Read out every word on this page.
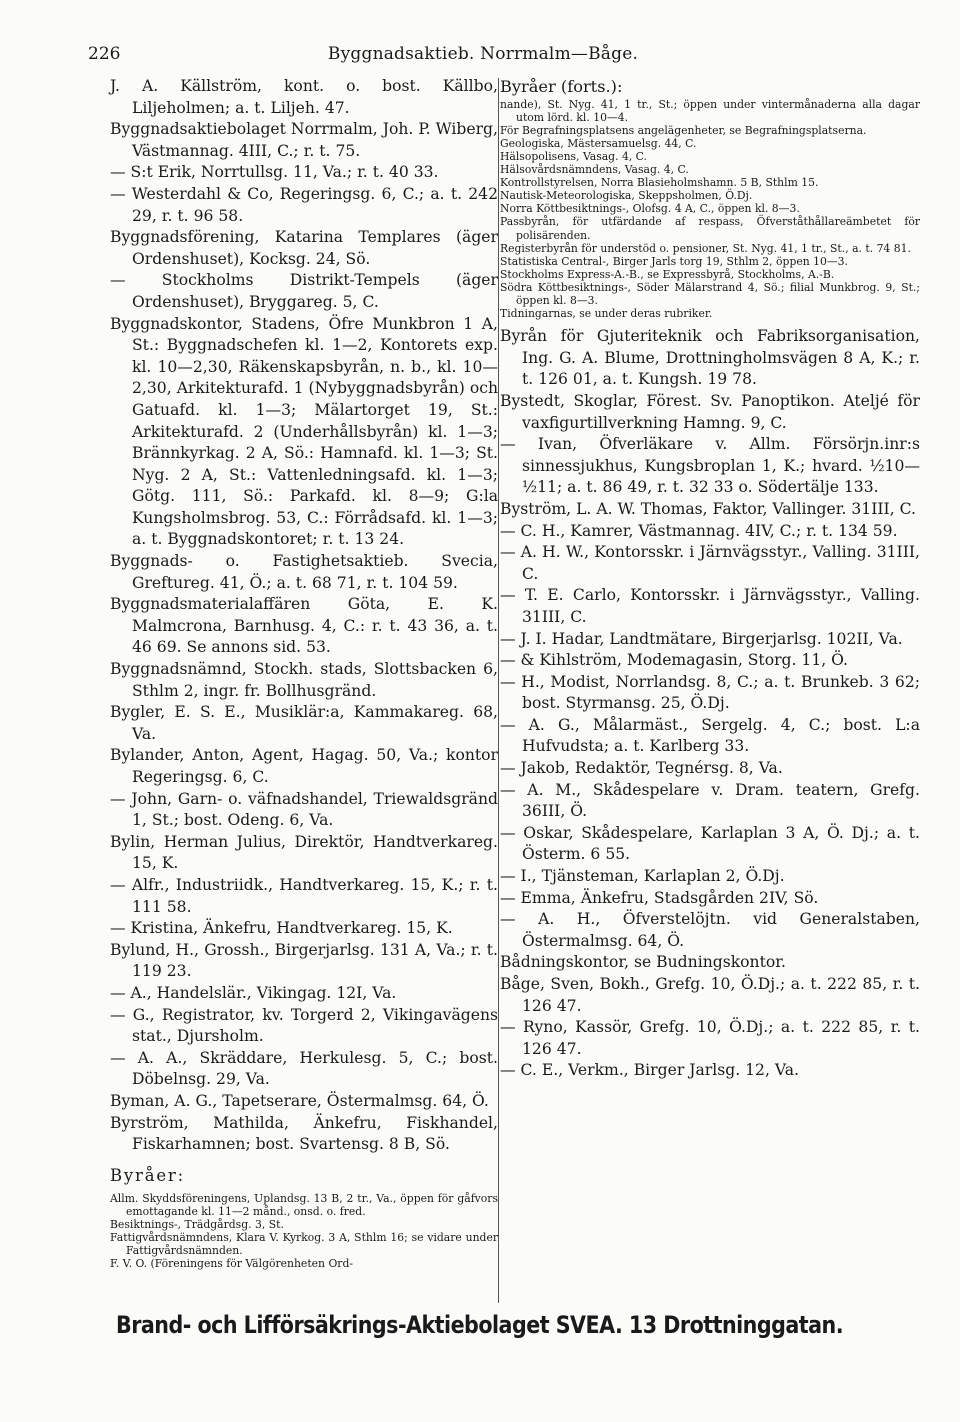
226	Byggnadsaktieb. Norrmalm—Båge.

J. A. Källström, kont. o. bost. Källbo, Liljeholmen; a. t. Liljeh. 47.

Byggnadsaktiebolaget Norrmalm, Joh. P. Wiberg, Västmannag. 4III, C.; r. t. 75.

— S:t Erik, Norrtullsg. 11, Va.; r. t. 40 33.

— Westerdahl & Co, Regeringsg. 6, C.; a. t. 242 29, r. t. 96 58.

Byggnadsförening, Katarina Templares (äger Ordenshuset), Kocksg. 24, Sö.

— Stockholms Distrikt-Tempels (äger Ordenshuset), Bryggareg. 5, C.

Byggnadskontor, Stadens, Öfre Munkbron 1 A, St.: Byggnadschefen kl. 1—2, Kontorets exp. kl. 10—2,30, Räkenskapsbyrån, n. b., kl. 10—2,30, Arkitekturafd. 1 (Nybyggnadsbyrån) och Gatuafd. kl. 1—3; Mälartorget 19, St.: Arkitekturafd. 2 (Underhållsbyrån) kl. 1—3; Brännkyrkag. 2 A, Sö.: Hamnafd. kl. 1—3; St. Nyg. 2 A, St.: Vattenledningsafd. kl. 1—3; Götg. 111, Sö.: Parkafd. kl. 8—9; G:la Kungsholmsbrog. 53, C.: Förrådsafd. kl. 1—3; a. t. Byggnadskontoret; r. t. 13 24.

Byggnads- o. Fastighetsaktieb. Svecia, Greftureg. 41, Ö.; a. t. 68 71, r. t. 104 59.

Byggnadsmaterialaffären Göta, E. K. Malmcrona, Barnhusg. 4, C.: r. t. 43 36, a. t. 46 69. Se annons sid. 53.

Byggnadsnämnd, Stockh. stads, Slottsbacken 6, Sthlm 2, ingr. fr. Bollhusgränd.

Bygler, E. S. E., Musiklär:a, Kammakareg. 68, Va.

Bylander, Anton, Agent, Hagag. 50, Va.; kontor Regeringsg. 6, C.

— John, Garn- o. väfnadshandel, Triewaldsgränd 1, St.; bost. Odeng. 6, Va.

Bylin, Herman Julius, Direktör, Handtverkareg. 15, K.

— Alfr., Industriidk., Handtverkareg. 15, K.; r. t. 111 58.

— Kristina, Änkefru, Handtverkareg. 15, K.

Bylund, H., Grossh., Birgerjarlsg. 131 A, Va.; r. t. 119 23.

— A., Handelslär., Vikingag. 12I, Va.

— G., Registrator, kv. Torgerd 2, Vikingavägens stat., Djursholm.

— A. A., Skräddare, Herkulesg. 5, C.; bost. Döbelnsg. 29, Va.

Byman, A. G., Tapetserare, Östermalmsg. 64, Ö.

Byrström, Mathilda, Änkefru, Fiskhandel, Fiskarhamnen; bost. Svartensg. 8 B, Sö.

Byråer:

Allm. Skyddsföreningens, Uplandsg. 13 B, 2 tr., Va., öppen för gåfvors emottagande kl. 11—2 månd., onsd. o. fred.

Besiktnings-, Trädgårdsg. 3, St.

Fattigvårdsnämndens, Klara V. Kyrkog. 3 A, Sthlm 16; se vidare under Fattigvårdsnämnden.

F. V. O. (Föreningens för Välgörenheten Ord-

Byråer (forts.):

nande), St. Nyg. 41, 1 tr., St.; öppen under vintermånaderna alla dagar utom lörd. kl. 10—4.

För Begrafningsplatsens angelägenheter, se Begrafningsplatserna.

Geologiska, Mästersamuelsg. 44, C.

Hälsopolisens, Vasag. 4, C.

Hälsovårdsnämndens, Vasag. 4, C.

Kontrollstyrelsen, Norra Blasieholmshamn. 5 B, Sthlm 15.

Nautisk-Meteorologiska, Skeppsholmen, Ö.Dj.

Norra Köttbesiktnings-, Olofsg. 4 A, C., öppen kl. 8—3.

Passbyrån, för utfärdande af respass, Öfverståthållareämbetet för polisärenden.

Registerbyrån för understöd o. pensioner, St. Nyg. 41, 1 tr., St., a. t. 74 81.

Statistiska Central-, Birger Jarls torg 19, Sthlm 2, öppen 10—3.

Stockholms Express-A.-B., se Expressbyrå, Stockholms, A.-B.

Södra Köttbesiktnings-, Söder Mälarstrand 4, Sö.; filial Munkbrog. 9, St.; öppen kl. 8—3.

Tidningarnas, se under deras rubriker.

Byrån för Gjuteriteknik och Fabriksorganisation, Ing. G. A. Blume, Drottningholmsvägen 8 A, K.; r. t. 126 01, a. t. Kungsh. 19 78.

Bystedt, Skoglar, Förest. Sv. Panoptikon. Ateljé för vaxfigurtillverkning Hamng. 9, C.

— Ivan, Öfverläkare v. Allm. Försörjn.inr:s sinnessjukhus, Kungsbroplan 1, K.; hvard. ½10—½11; a. t. 86 49, r. t. 32 33 o. Södertälje 133.

Byström, L. A. W. Thomas, Faktor, Vallinger. 31III, C.

— C. H., Kamrer, Västmannag. 4IV, C.; r. t. 134 59.

— A. H. W., Kontorsskr. i Järnvägsstyr., Valling. 31III, C.

— T. E. Carlo, Kontorsskr. i Järnvägsstyr., Valling. 31III, C.

— J. I. Hadar, Landtmätare, Birgerjarlsg. 102II, Va.

— & Kihlström, Modemagasin, Storg. 11, Ö.

— H., Modist, Norrlandsg. 8, C.; a. t. Brunkeb. 3 62; bost. Styrmansg. 25, Ö.Dj.

— A. G., Målarmäst., Sergelg. 4, C.; bost. L:a Hufvudsta; a. t. Karlberg 33.

— Jakob, Redaktör, Tegnérsg. 8, Va.

— A. M., Skådespelare v. Dram. teatern, Grefg. 36III, Ö.

— Oskar, Skådespelare, Karlaplan 3 A, Ö. Dj.; a. t. Österm. 6 55.

— I., Tjänsteman, Karlaplan 2, Ö.Dj.

— Emma, Änkefru, Stadsgården 2IV, Sö.

— A. H., Öfverstelöjtn. vid Generalstaben, Östermalmsg. 64, Ö.

Bådningskontor, se Budningskontor.

Båge, Sven, Bokh., Grefg. 10, Ö.Dj.; a. t. 222 85, r. t. 126 47.

— Ryno, Kassör, Grefg. 10, Ö.Dj.; a. t. 222 85, r. t. 126 47.

— C. E., Verkm., Birger Jarlsg. 12, Va.

Brand- och Lifförsäkrings-Aktiebolaget SVEA. 13 Drottninggatan.
